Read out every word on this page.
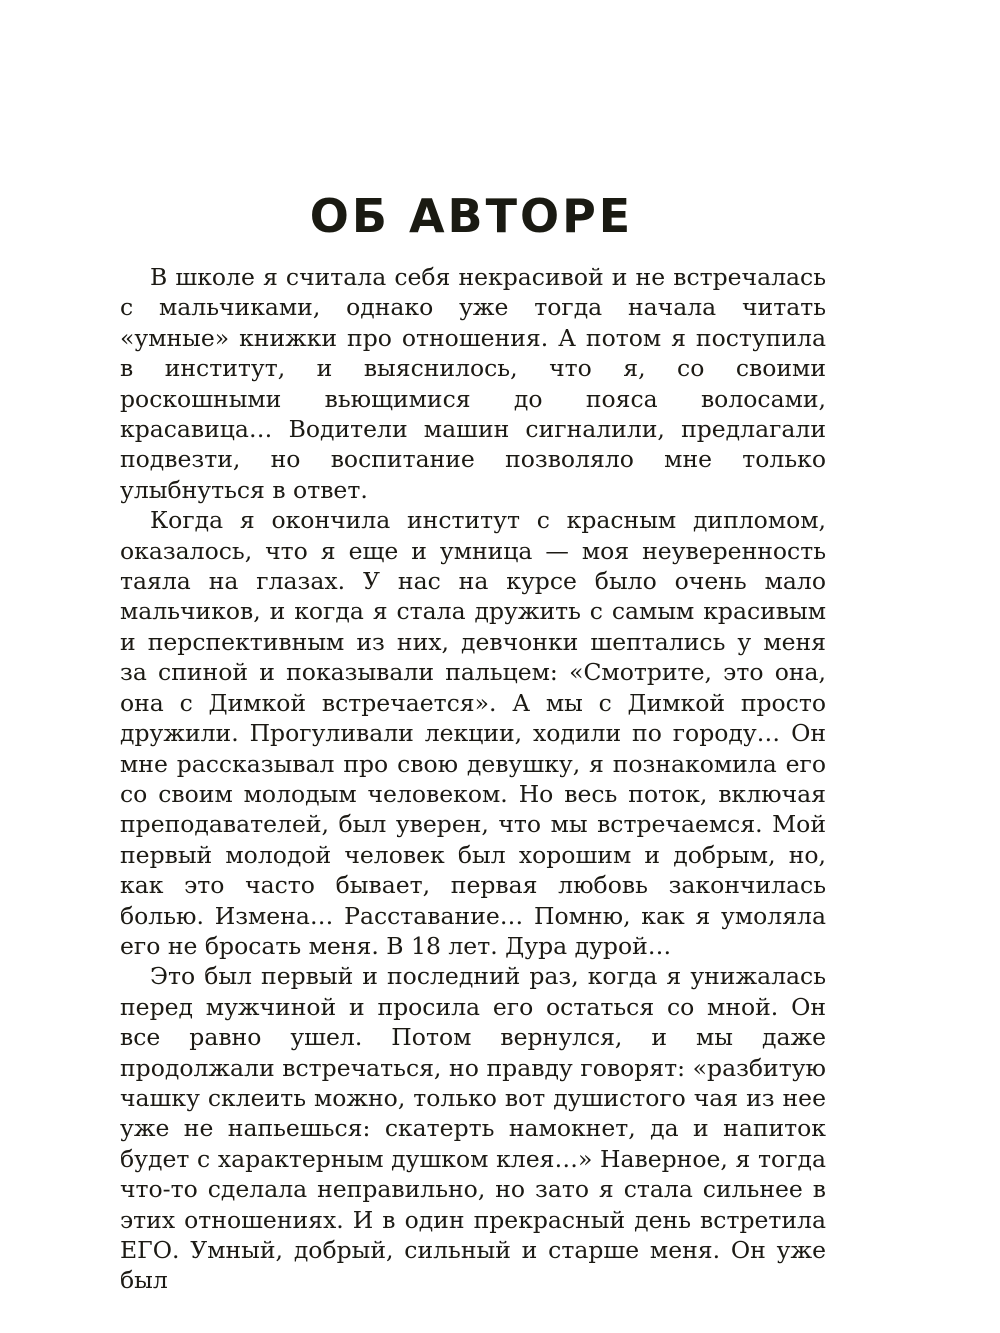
ОБ АВТОРЕ

В школе я считала себя некрасивой и не встречалась с мальчиками, однако уже тогда начала читать «умные» книжки про отношения. А потом я поступила в институт, и выяснилось, что я, со своими роскошными вьющимися до пояса волосами, красавица… Водители машин сигналили, предлагали подвезти, но воспитание позволяло мне только улыбнуться в ответ.

Когда я окончила институт с красным дипломом, оказалось, что я еще и умница — моя неуверенность таяла на глазах. У нас на курсе было очень мало мальчиков, и когда я стала дружить с самым красивым и перспективным из них, девчонки шептались у меня за спиной и показывали пальцем: «Смотрите, это она, она с Димкой встречается». А мы с Димкой просто дружили. Прогуливали лекции, ходили по городу… Он мне рассказывал про свою девушку, я познакомила его со своим молодым человеком. Но весь поток, включая преподавателей, был уверен, что мы встречаемся. Мой первый молодой человек был хорошим и добрым, но, как это часто бывает, первая любовь закончилась болью. Измена… Расставание… Помню, как я умоляла его не бросать меня. В 18 лет. Дура дурой…

Это был первый и последний раз, когда я унижалась перед мужчиной и просила его остаться со мной. Он все равно ушел. Потом вернулся, и мы даже продолжали встречаться, но правду говорят: «разбитую чашку склеить можно, только вот душистого чая из нее уже не напьешься: скатерть намокнет, да и напиток будет с характерным душком клея…» Наверное, я тогда что-то сделала неправильно, но зато я стала сильнее в этих отношениях. И в один прекрасный день встретила ЕГО. Умный, добрый, сильный и старше меня. Он уже был
